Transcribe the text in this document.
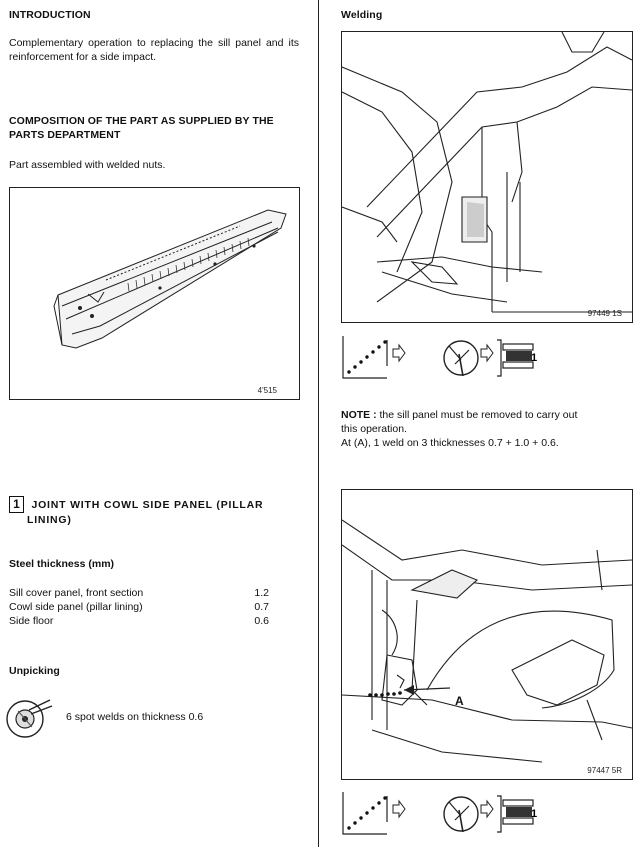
INTRODUCTION
Complementary operation to replacing the sill panel and its reinforcement for a side impact.
COMPOSITION OF THE PART AS SUPPLIED BY THE
PARTS DEPARTMENT
Part assembled with welded nuts.
4'515
1 JOINT WITH COWL SIDE PANEL (PILLAR
LINING)
Steel thickness (mm)
Sill cover panel, front section	1.2
Cowl side panel (pillar lining)	0.7
Side floor	0.6
Unpicking
6 spot welds on thickness 0.6
Welding
97449 1S
1
NOTE : the sill panel must be removed to carry out
this operation.
At (A), 1 weld on 3 thicknesses 0.7 + 1.0 + 0.6.
A
97447 5R
1
